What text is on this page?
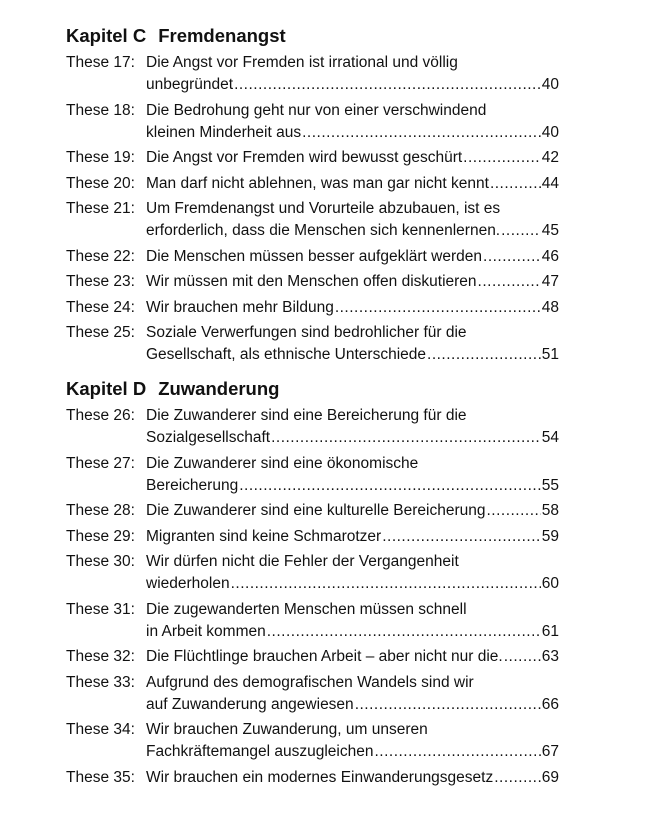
Kapitel C Fremdenangst
These 17: Die Angst vor Fremden ist irrational und völlig
unbegründet .....	40
These 18: Die Bedrohung geht nur von einer verschwindend
kleinen Minderheit aus .....	40
These 19: Die Angst vor Fremden wird bewusst geschürt .....	42
These 20: Man darf nicht ablehnen, was man gar nicht kennt .....	44
These 21: Um Fremdenangst und Vorurteile abzubauen, ist es
erforderlich, dass die Menschen sich kennenlernen. .....	45
These 22: Die Menschen müssen besser aufgeklärt werden .....	46
These 23: Wir müssen mit den Menschen offen diskutieren .....	47
These 24: Wir brauchen mehr Bildung .....	48
These 25: Soziale Verwerfungen sind bedrohlicher für die
Gesellschaft, als ethnische Unterschiede .....	51
Kapitel D Zuwanderung
These 26: Die Zuwanderer sind eine Bereicherung für die
Sozialgesellschaft .....	54
These 27: Die Zuwanderer sind eine ökonomische
Bereicherung .....	55
These 28: Die Zuwanderer sind eine kulturelle Bereicherung .....	58
These 29: Migranten sind keine Schmarotzer .....	59
These 30: Wir dürfen nicht die Fehler der Vergangenheit
wiederholen .....	60
These 31: Die zugewanderten Menschen müssen schnell
in Arbeit kommen .....	61
These 32: Die Flüchtlinge brauchen Arbeit – aber nicht nur die. .....	63
These 33: Aufgrund des demografischen Wandels sind wir
auf Zuwanderung angewiesen .....	66
These 34: Wir brauchen Zuwanderung, um unseren
Fachkräftemangel auszugleichen .....	67
These 35: Wir brauchen ein modernes Einwanderungsgesetz .....	69
